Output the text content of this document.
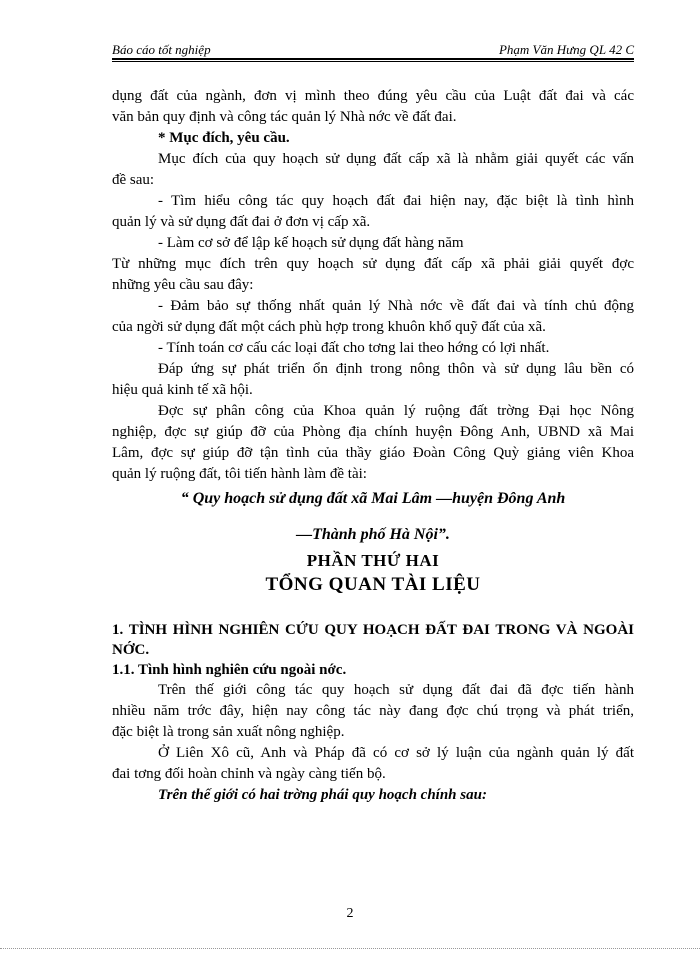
Báo cáo tốt nghiệp	Phạm Văn Hưng QL 42 C
dụng đất của ngành, đơn vị mình theo đúng yêu cầu của Luật đất đai và các
văn bản quy định và công tác quản lý Nhà nớc về đất đai.
* Mục đích, yêu cầu.
Mục đích của quy hoạch sử dụng đất cấp xã là nhằm giải quyết các vấn
đề sau:
- Tìm hiểu công tác quy hoạch đất đai hiện nay, đặc biệt là tình hình
quản lý và sử dụng đất đai ở đơn vị cấp xã.
- Làm cơ sở để lập kế hoạch sử dụng đất hàng năm
Từ những mục đích trên quy hoạch sử dụng đất cấp xã phải giải quyết đợc
những yêu cầu sau đây:
- Đảm bảo sự thống nhất quản lý Nhà nớc về đất đai và tính chủ động
của ngời sử dụng đất một cách phù hợp trong khuôn khổ quỹ đất của xã.
- Tính toán cơ cấu các loại đất cho tơng lai theo hớng có lợi nhất.
Đáp ứng sự phát triển ổn định trong nông thôn và sử dụng lâu bền có
hiệu quả kinh tế xã hội.
Đợc sự phân công của Khoa quản lý ruộng đất trờng Đại học Nông
nghiệp, đợc sự giúp đỡ của Phòng địa chính huyện Đông Anh, UBND xã Mai
Lâm, đợc sự giúp đỡ tận tình của thầy giáo Đoàn Công Quỳ giảng viên Khoa
quản lý ruộng đất, tôi tiến hành làm đề tài:
“ Quy hoạch sử dụng đất xã Mai Lâm —huyện Đông Anh
—Thành phố Hà Nội”.
PHẦN THỨ HAI
TỔNG QUAN TÀI LIỆU
1. TÌNH HÌNH NGHIÊN CỨU QUY HOẠCH ĐẤT ĐAI TRONG VÀ NGOÀI
NỚC.
1.1. Tình hình nghiên cứu ngoài nớc.
Trên thế giới công tác quy hoạch sử dụng đất đai đã đợc tiến hành
nhiều năm trớc đây, hiện nay công tác này đang đợc chú trọng và phát triển,
đặc biệt là trong sản xuất nông nghiệp.
Ở Liên Xô cũ, Anh và Pháp đã có cơ sở lý luận của ngành quản lý đất
đai tơng đối hoàn chỉnh và ngày càng tiến bộ.
Trên thế giới có hai trờng phái quy hoạch chính sau:
2
